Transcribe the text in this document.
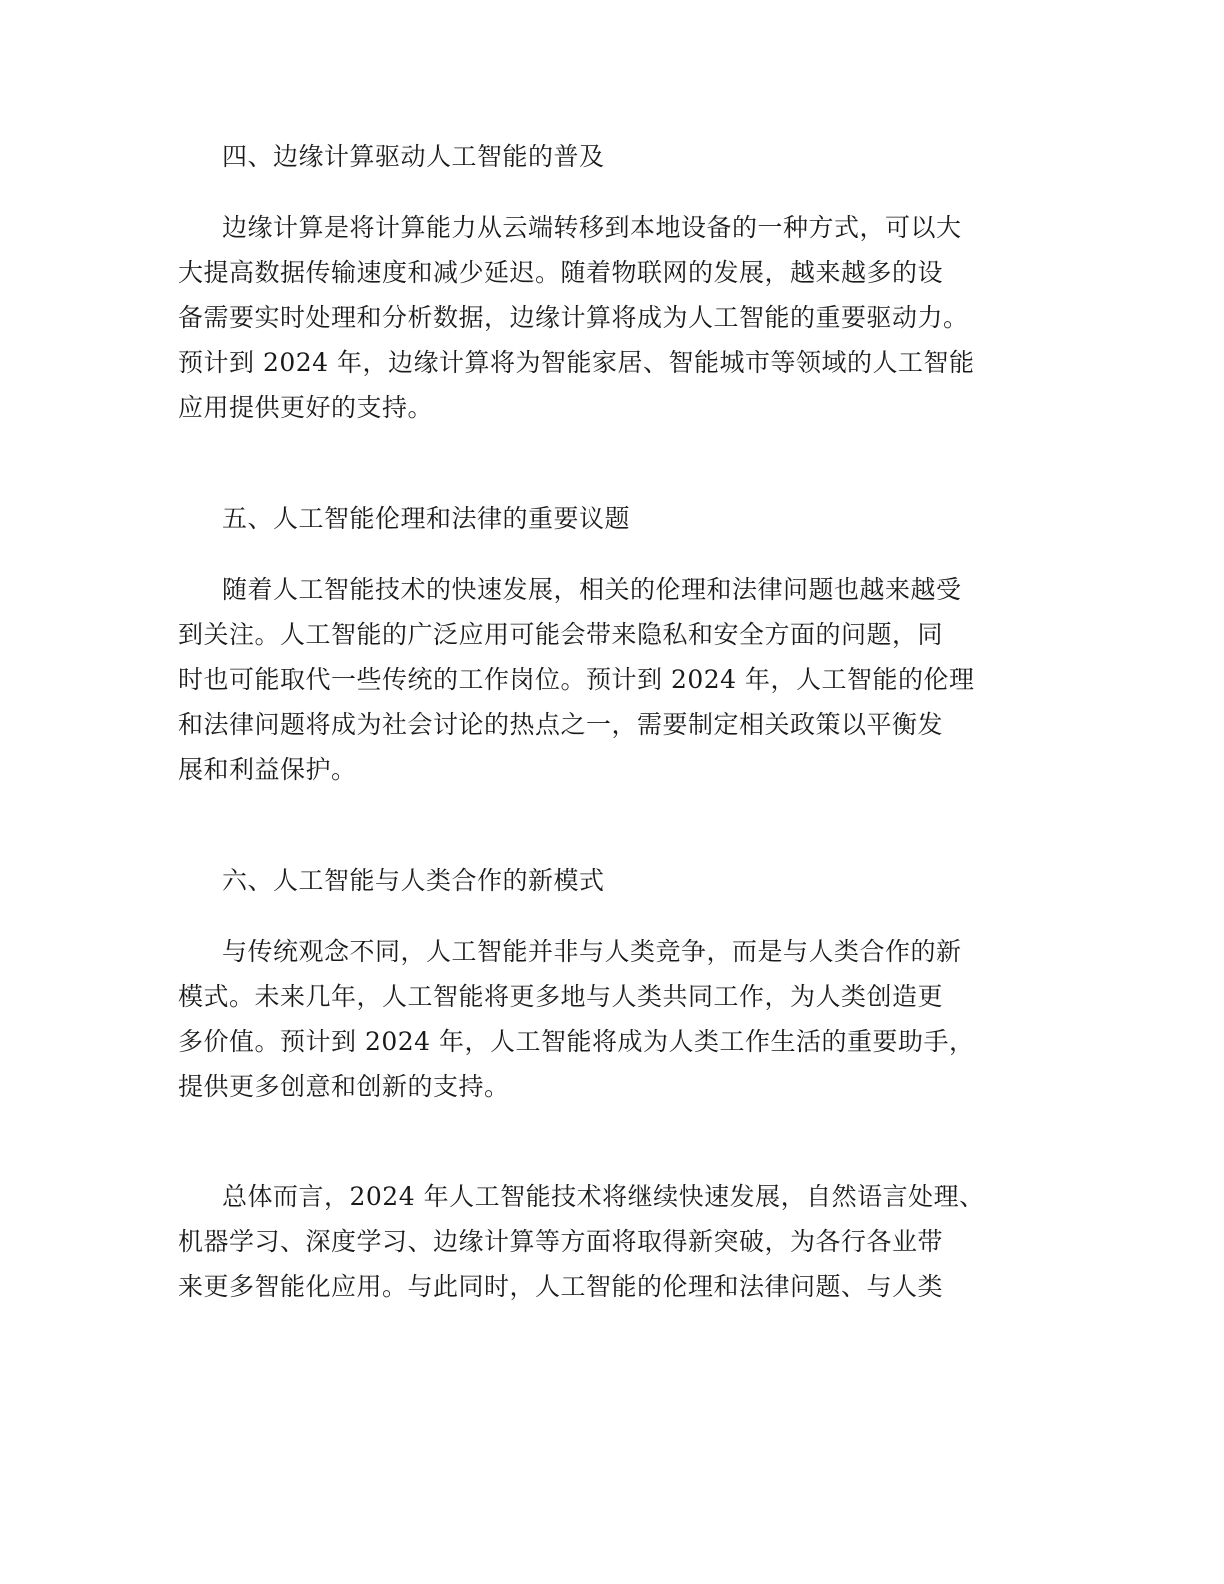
四、边缘计算驱动人工智能的普及
边缘计算是将计算能力从云端转移到本地设备的一种方式，可以大
大提高数据传输速度和减少延迟。随着物联网的发展，越来越多的设
备需要实时处理和分析数据，边缘计算将成为人工智能的重要驱动力。
预计到 2024 年，边缘计算将为智能家居、智能城市等领域的人工智能
应用提供更好的支持。
五、人工智能伦理和法律的重要议题
随着人工智能技术的快速发展，相关的伦理和法律问题也越来越受
到关注。人工智能的广泛应用可能会带来隐私和安全方面的问题，同
时也可能取代一些传统的工作岗位。预计到 2024 年，人工智能的伦理
和法律问题将成为社会讨论的热点之一，需要制定相关政策以平衡发
展和利益保护。
六、人工智能与人类合作的新模式
与传统观念不同，人工智能并非与人类竞争，而是与人类合作的新
模式。未来几年，人工智能将更多地与人类共同工作，为人类创造更
多价值。预计到 2024 年，人工智能将成为人类工作生活的重要助手，
提供更多创意和创新的支持。
总体而言，2024 年人工智能技术将继续快速发展，自然语言处理、
机器学习、深度学习、边缘计算等方面将取得新突破，为各行各业带
来更多智能化应用。与此同时，人工智能的伦理和法律问题、与人类
